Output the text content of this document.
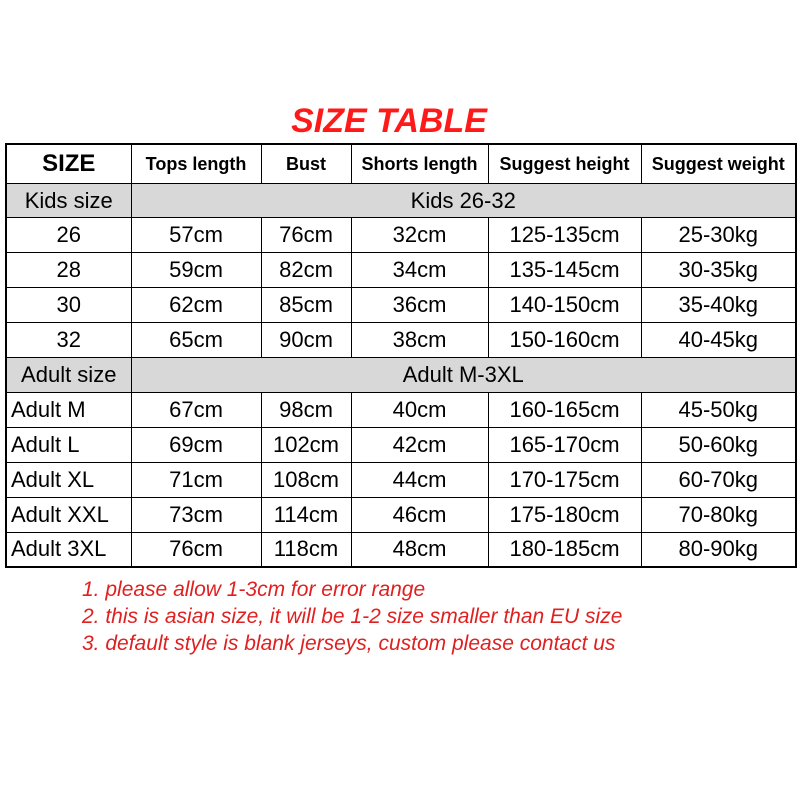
SIZE TABLE
SIZE	Tops length	Bust	Shorts length	Suggest height	Suggest weight
Kids size	Kids 26-32				
26	57cm	76cm	32cm	125-135cm	25-30kg
28	59cm	82cm	34cm	135-145cm	30-35kg
30	62cm	85cm	36cm	140-150cm	35-40kg
32	65cm	90cm	38cm	150-160cm	40-45kg
Adult size	Adult M-3XL				
Adult M	67cm	98cm	40cm	160-165cm	45-50kg
Adult L	69cm	102cm	42cm	165-170cm	50-60kg
Adult XL	71cm	108cm	44cm	170-175cm	60-70kg
Adult XXL	73cm	114cm	46cm	175-180cm	70-80kg
Adult 3XL	76cm	118cm	48cm	180-185cm	80-90kg
1. please allow 1-3cm for error range
2. this is asian size, it will be 1-2 size smaller than EU size
3. default style is blank jerseys, custom please contact us
